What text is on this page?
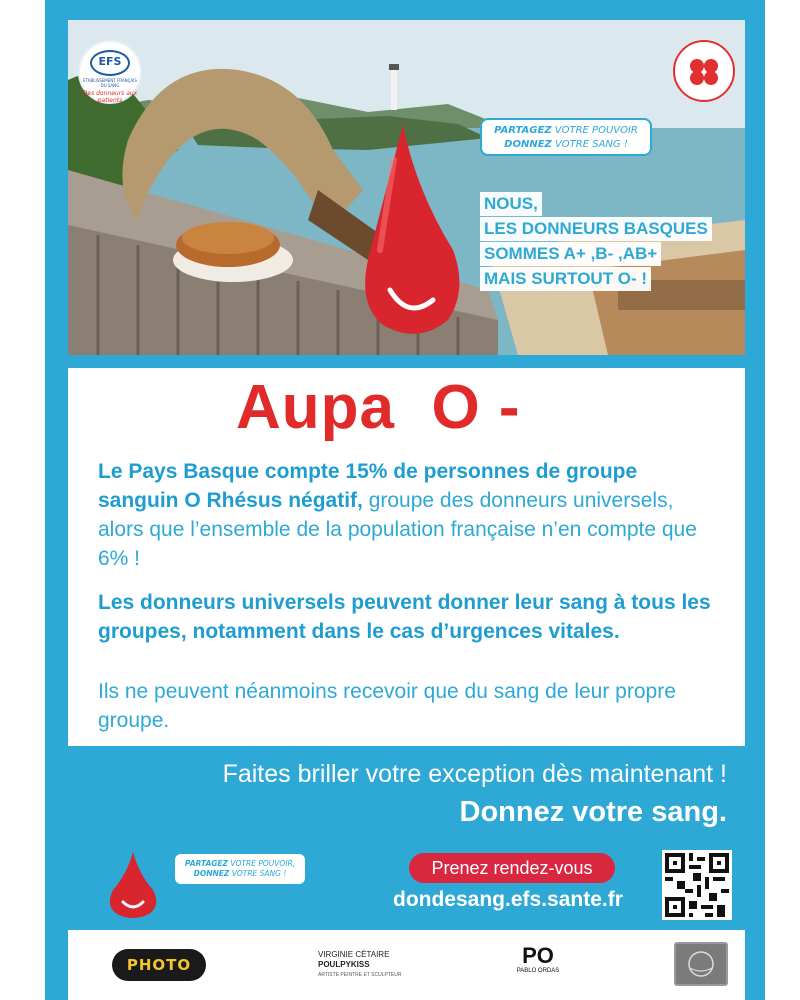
EFS
ÉTABLISSEMENT FRANÇAIS DU SANG
Des donneurs aux patients
PARTAGEZ VOTRE POUVOIR
DONNEZ VOTRE SANG !
NOUS,
LES DONNEURS BASQUES
SOMMES A+ ,B- ,AB+
MAIS SURTOUT O- !
Aupa  O -
Le Pays Basque compte 15% de personnes de groupe sanguin O Rhésus négatif, groupe des donneurs universels, alors que l’ensemble de la population française n’en compte que 6% !
Les donneurs universels peuvent donner leur sang à tous les groupes, notamment dans le cas d’urgences vitales.
Ils ne peuvent néanmoins recevoir que du sang de leur propre groupe.
Faites briller votre exception dès maintenant !
Donnez votre sang.
PARTAGEZ VOTRE POUVOIR,
DONNEZ VOTRE SANG !	Prenez rendez-vous
dondesang.efs.sante.fr
PHOTO
VIRGINIE CÉTAIRE
POULPYKISS
ARTISTE PEINTRE ET SCULPTEUR
PO
PABLO ORDAS
